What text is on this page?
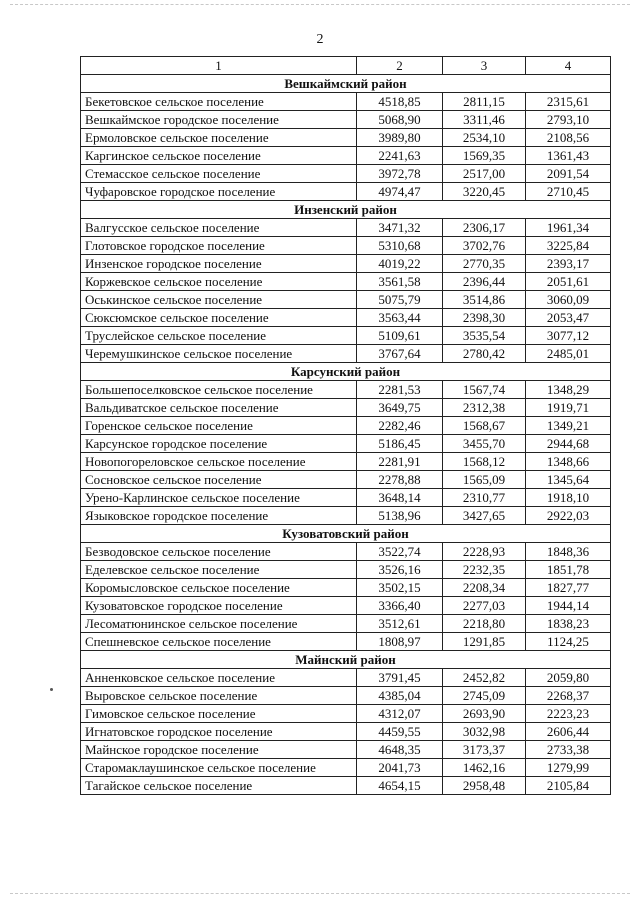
2
1	2	3	4
Вешкаймский район			
Бекетовское сельское поселение	4518,85	2811,15	2315,61
Вешкаймское городское поселение	5068,90	3311,46	2793,10
Ермоловское сельское поселение	3989,80	2534,10	2108,56
Каргинское сельское поселение	2241,63	1569,35	1361,43
Стемасское сельское поселение	3972,78	2517,00	2091,54
Чуфаровское городское поселение	4974,47	3220,45	2710,45
Инзенский район			
Валгусское сельское поселение	3471,32	2306,17	1961,34
Глотовское городское поселение	5310,68	3702,76	3225,84
Инзенское городское поселение	4019,22	2770,35	2393,17
Коржевское сельское поселение	3561,58	2396,44	2051,61
Оськинское сельское поселение	5075,79	3514,86	3060,09
Сюксюмское сельское поселение	3563,44	2398,30	2053,47
Труслейское сельское поселение	5109,61	3535,54	3077,12
Черемушкинское сельское поселение	3767,64	2780,42	2485,01
Карсунский район			
Большепоселковское сельское поселение	2281,53	1567,74	1348,29
Вальдиватское сельское поселение	3649,75	2312,38	1919,71
Горенское сельское поселение	2282,46	1568,67	1349,21
Карсунское городское поселение	5186,45	3455,70	2944,68
Новопогореловское сельское поселение	2281,91	1568,12	1348,66
Сосновское сельское поселение	2278,88	1565,09	1345,64
Урено-Карлинское сельское поселение	3648,14	2310,77	1918,10
Языковское городское поселение	5138,96	3427,65	2922,03
Кузоватовский район			
Безводовское сельское поселение	3522,74	2228,93	1848,36
Еделевское сельское поселение	3526,16	2232,35	1851,78
Коромысловское сельское поселение	3502,15	2208,34	1827,77
Кузоватовское городское поселение	3366,40	2277,03	1944,14
Лесоматюнинское сельское поселение	3512,61	2218,80	1838,23
Спешневское сельское поселение	1808,97	1291,85	1124,25
Майнский район			
Анненковское сельское поселение	3791,45	2452,82	2059,80
Выровское сельское поселение	4385,04	2745,09	2268,37
Гимовское сельское поселение	4312,07	2693,90	2223,23
Игнатовское городское поселение	4459,55	3032,98	2606,44
Майнское городское поселение	4648,35	3173,37	2733,38
Старомаклаушинское сельское поселение	2041,73	1462,16	1279,99
Тагайское сельское поселение	4654,15	2958,48	2105,84
